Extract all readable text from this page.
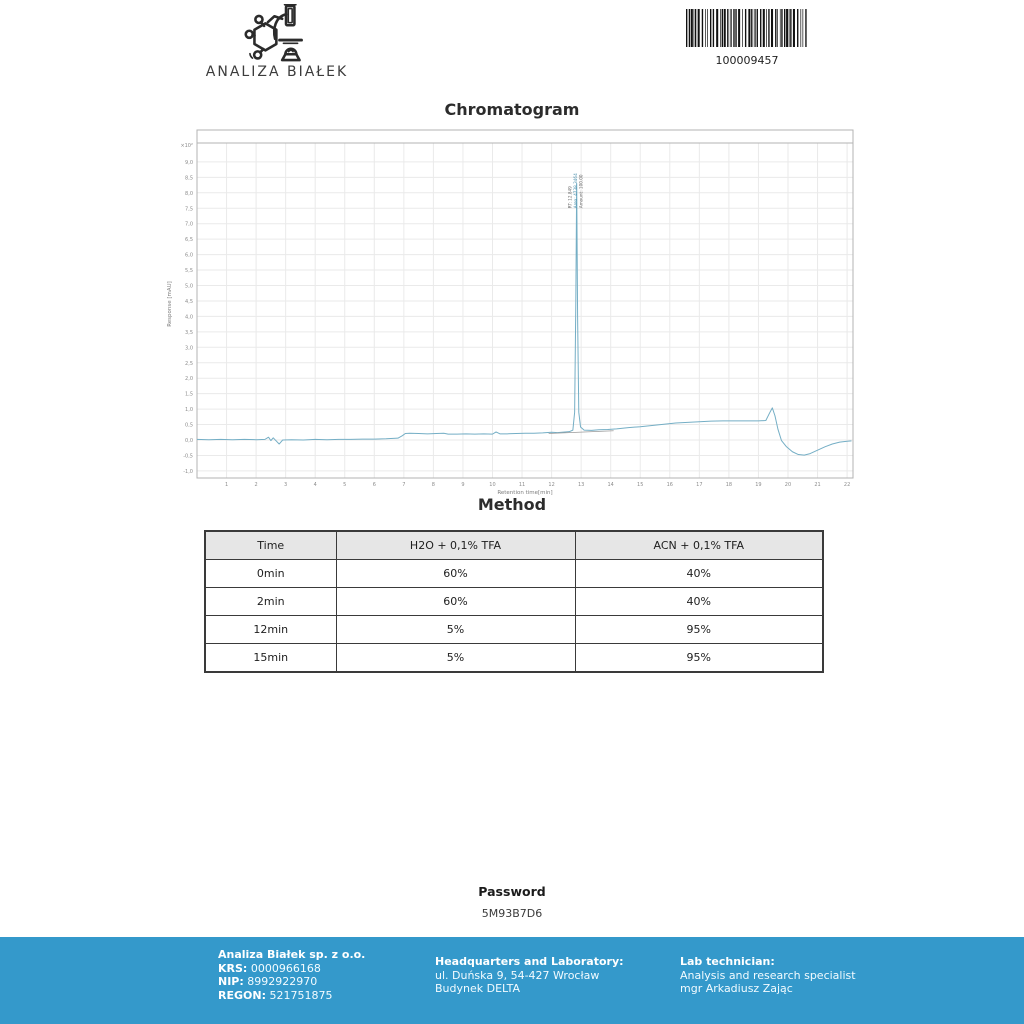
ANALIZA BIAŁEK
100009457
Chromatogram
9,0
8,5
8,0
7,5
7,0
6,5
6,0
5,5
5,0
4,5
4,0
3,5
3,0
2,5
2,0
1,5
1,0
0,5
0,0
-0,5
-1,0
×10²
1	2	3	4	5	6	7	8	9	10	11	12	13	14	15	16	17	18	19	20	21	22
Retention time[min]
Response [mAU]
RT: 12.849 Area: 4738.3464 Amount: 100.00
Method
Time	H2O + 0,1% TFA	ACN + 0,1% TFA
0min	60%	40%
2min	60%	40%
12min	5%	95%
15min	5%	95%
Password
5M93B7D6
Analiza Białek sp. z o.o.
KRS: 0000966168
NIP: 8992922970
REGON: 521751875
Headquarters and Laboratory:
ul. Duńska 9, 54-427 Wrocław
Budynek DELTA
Lab technician:
Analysis and research specialist
mgr Arkadiusz Zając
